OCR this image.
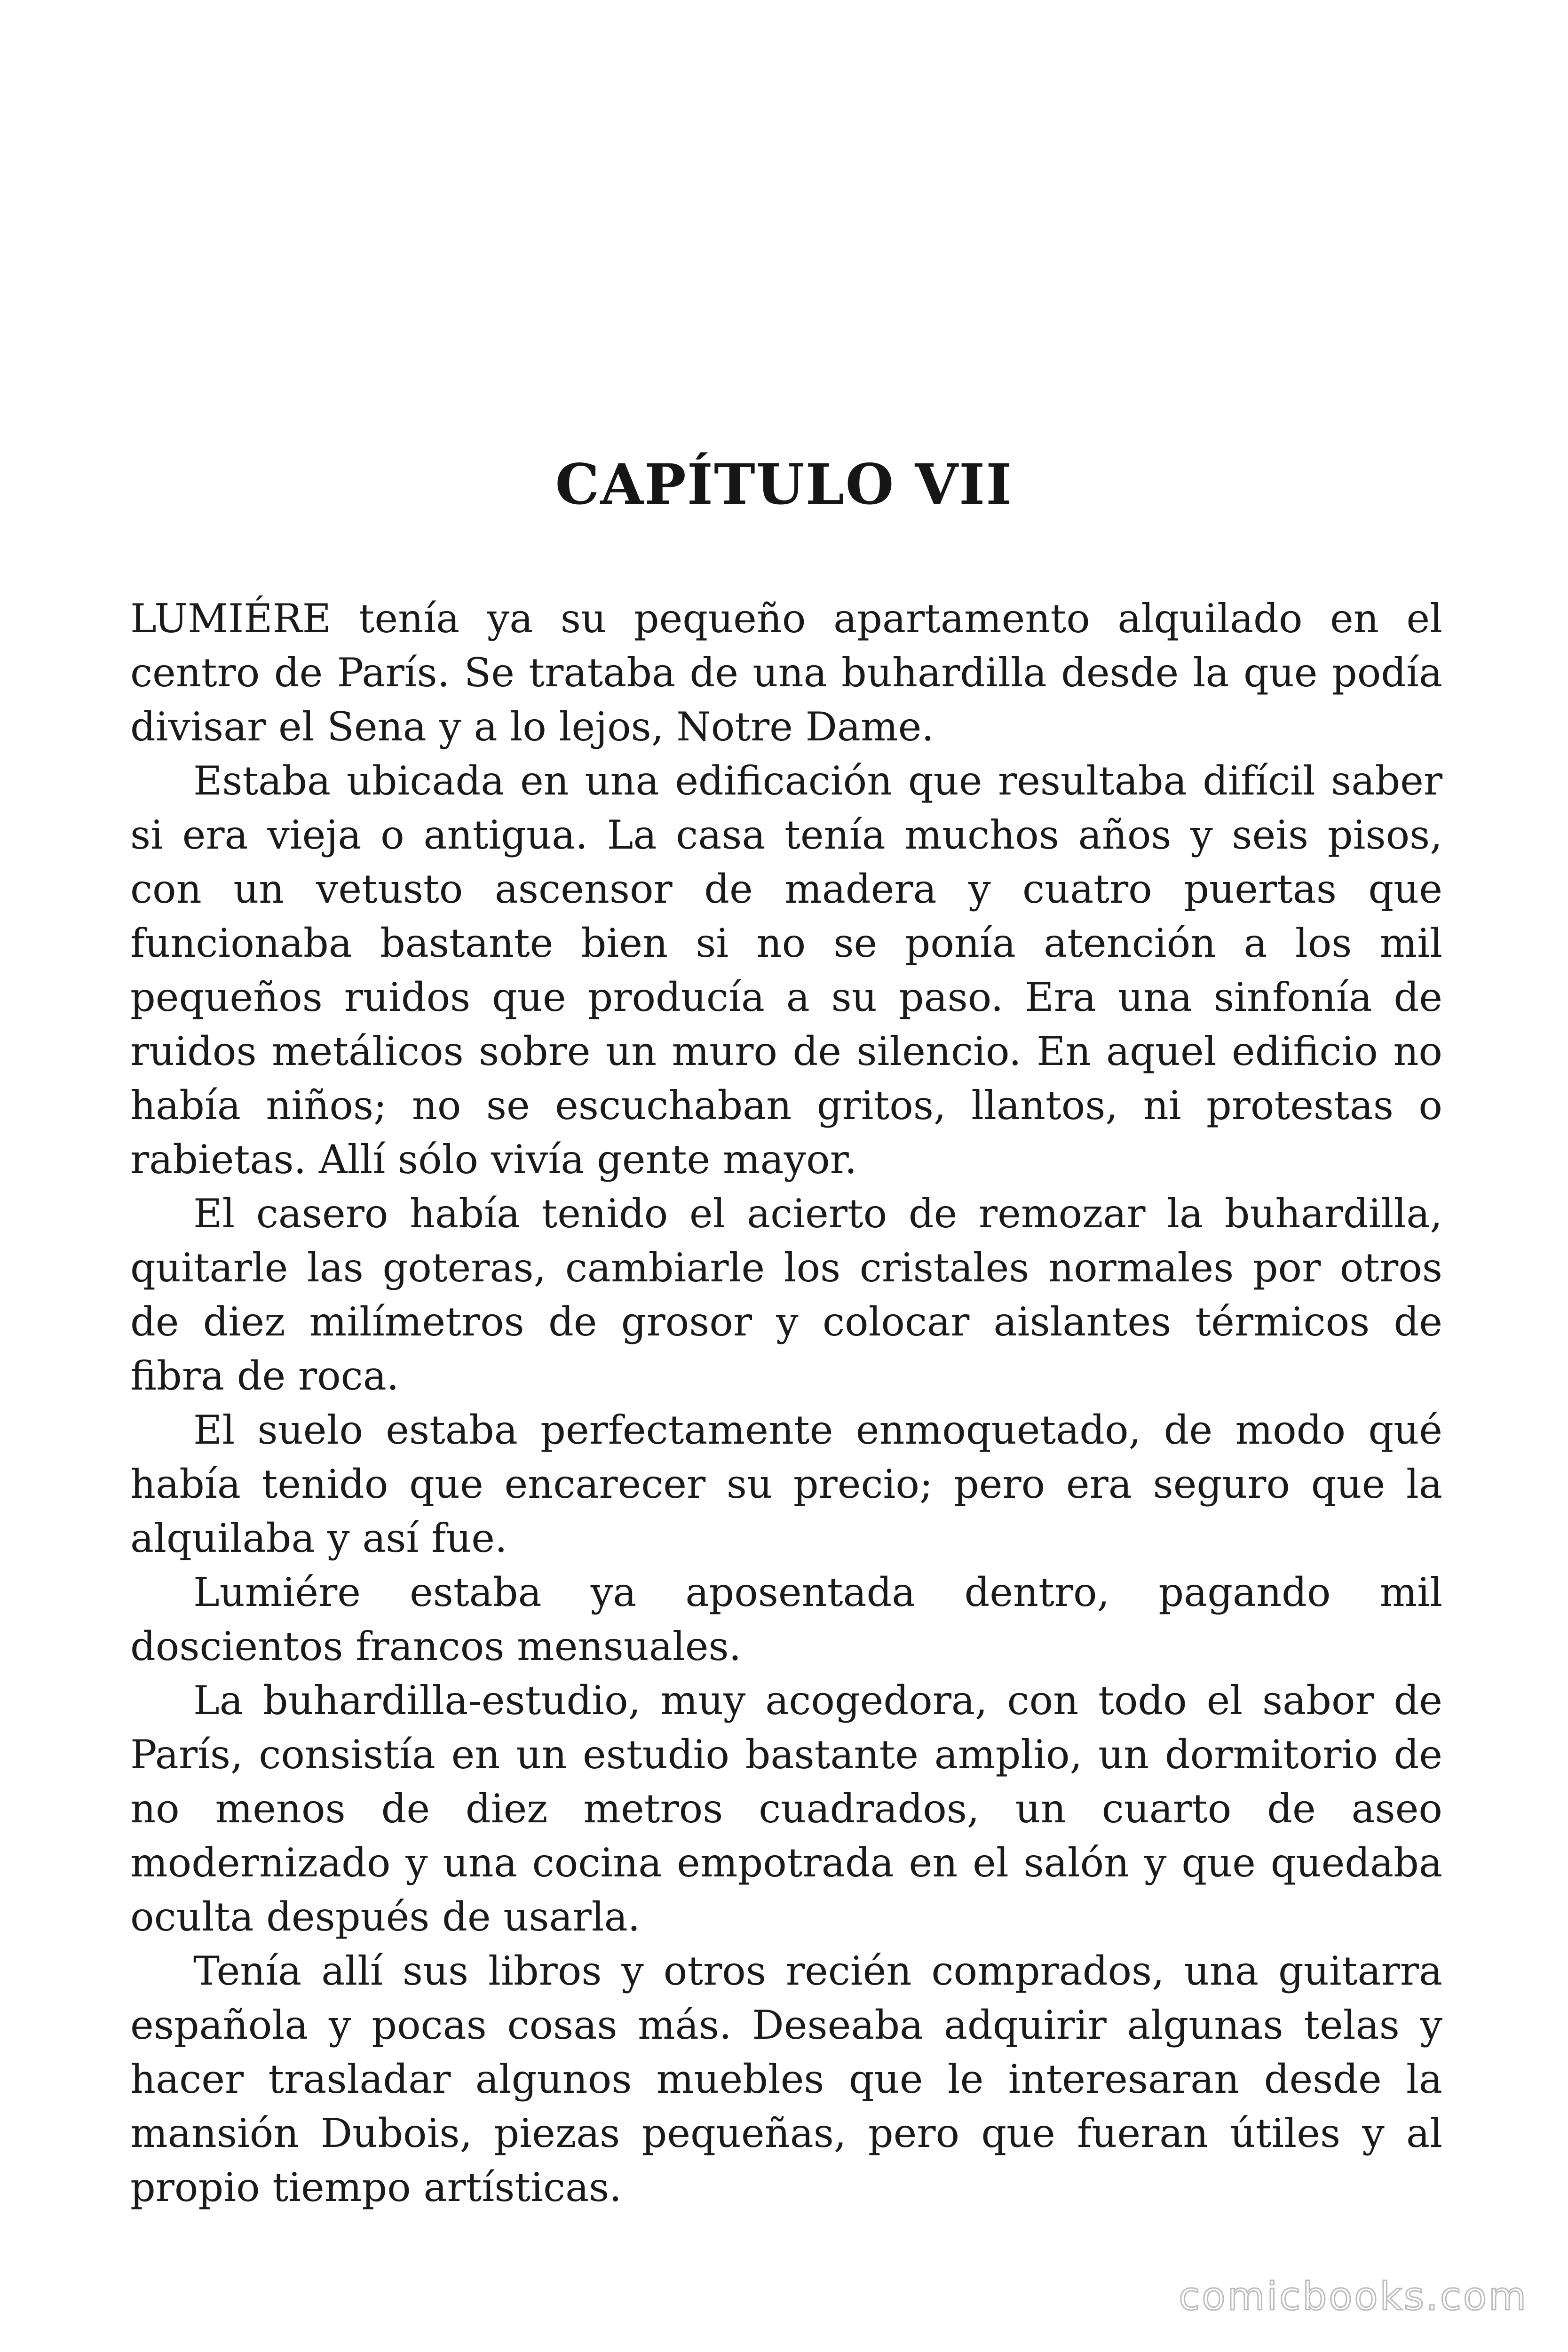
CAPÍTULO VII

LUMIÉRE tenía ya su pequeño apartamento alquilado en el centro de París. Se trataba de una buhardilla desde la que podía divisar el Sena y a lo lejos, Notre Dame.

Estaba ubicada en una edificación que resultaba difícil saber si era vieja o antigua. La casa tenía muchos años y seis pisos, con un vetusto ascensor de madera y cuatro puertas que funcionaba bastante bien si no se ponía atención a los mil pequeños ruidos que producía a su paso. Era una sinfonía de ruidos metálicos sobre un muro de silencio. En aquel edificio no había niños; no se escuchaban gritos, llantos, ni protestas o rabietas. Allí sólo vivía gente mayor.

El casero había tenido el acierto de remozar la buhardilla, quitarle las goteras, cambiarle los cristales normales por otros de diez milímetros de grosor y colocar aislantes térmicos de fibra de roca.

El suelo estaba perfectamente enmoquetado, de modo qué había tenido que encarecer su precio; pero era seguro que la alquilaba y así fue.

Lumiére estaba ya aposentada dentro, pagando mil doscientos francos mensuales.

La buhardilla-estudio, muy acogedora, con todo el sabor de París, consistía en un estudio bastante amplio, un dormitorio de no menos de diez metros cuadrados, un cuarto de aseo modernizado y una cocina empotrada en el salón y que quedaba oculta después de usarla.

Tenía allí sus libros y otros recién comprados, una guitarra española y pocas cosas más. Deseaba adquirir algunas telas y hacer trasladar algunos muebles que le interesaran desde la mansión Dubois, piezas pequeñas, pero que fueran útiles y al propio tiempo artísticas.

comicbooks.com
